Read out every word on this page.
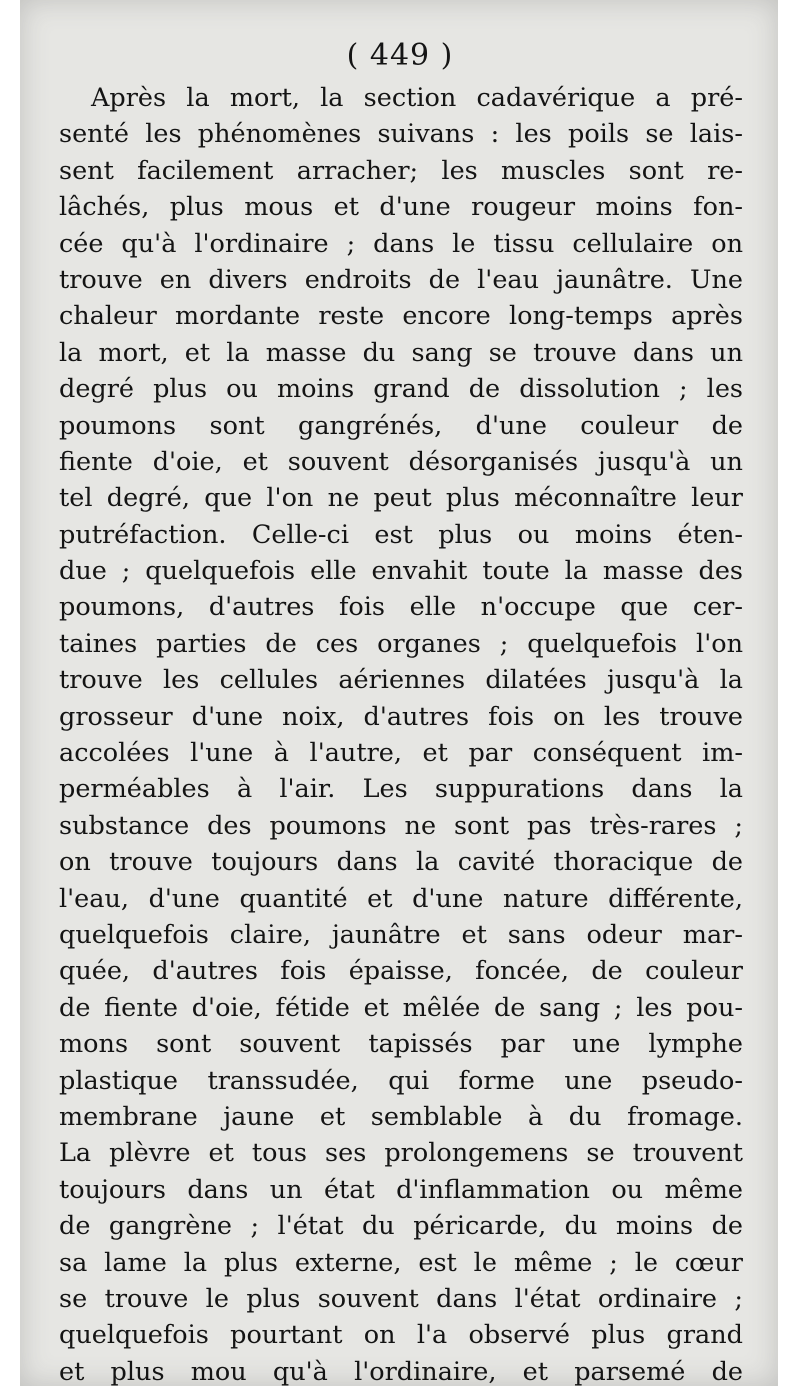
( 449 )
Après la mort, la section cadavérique a pré-
senté les phénomènes suivans : les poils se lais-
sent facilement arracher; les muscles sont re-
lâchés, plus mous et d'une rougeur moins fon-
cée qu'à l'ordinaire ; dans le tissu cellulaire on
trouve en divers endroits de l'eau jaunâtre. Une
chaleur mordante reste encore long-temps après
la mort, et la masse du sang se trouve dans un
degré plus ou moins grand de dissolution ; les
poumons sont gangrénés, d'une couleur de
fiente d'oie, et souvent désorganisés jusqu'à un
tel degré, que l'on ne peut plus méconnaître leur
putréfaction. Celle-ci est plus ou moins éten-
due ; quelquefois elle envahit toute la masse des
poumons, d'autres fois elle n'occupe que cer-
taines parties de ces organes ; quelquefois l'on
trouve les cellules aériennes dilatées jusqu'à la
grosseur d'une noix, d'autres fois on les trouve
accolées l'une à l'autre, et par conséquent im-
perméables à l'air. Les suppurations dans la
substance des poumons ne sont pas très-rares ;
on trouve toujours dans la cavité thoracique de
l'eau, d'une quantité et d'une nature différente,
quelquefois claire, jaunâtre et sans odeur mar-
quée, d'autres fois épaisse, foncée, de couleur
de fiente d'oie, fétide et mêlée de sang ; les pou-
mons sont souvent tapissés par une lymphe
plastique transsudée, qui forme une pseudo-
membrane jaune et semblable à du fromage.
La plèvre et tous ses prolongemens se trouvent
toujours dans un état d'inflammation ou même
de gangrène ; l'état du péricarde, du moins de
sa lame la plus externe, est le même ; le cœur
se trouve le plus souvent dans l'état ordinaire ;
quelquefois pourtant on l'a observé plus grand
et plus mou qu'à l'ordinaire, et parsemé de
